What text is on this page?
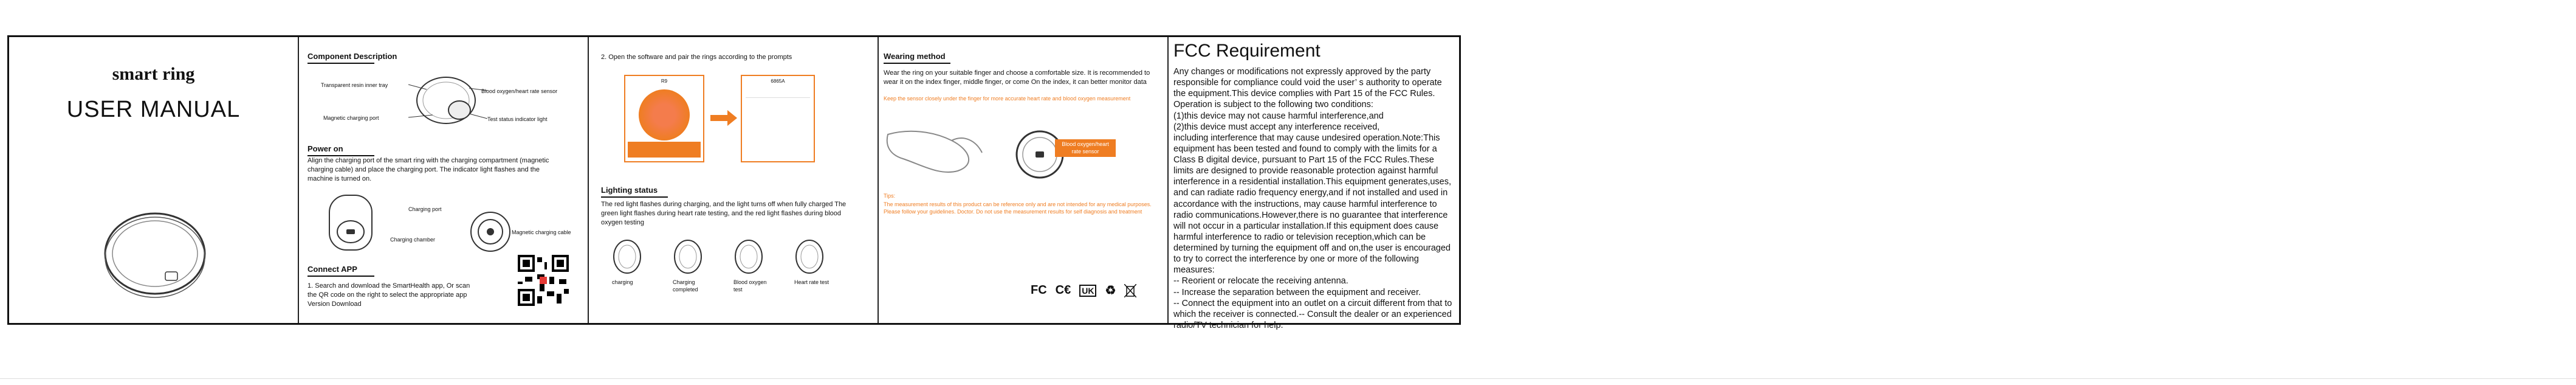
smart ring
USER MANUAL
Component Description
Transparent resin inner tray
Blood oxygen/heart rate sensor
Magnetic charging port	Test status indicator light
Power on
Align the charging port of the smart ring with the charging compartment (magnetic charging cable) and place the charging port. The indicator light flashes and the machine is turned on.
Charging port
Charging chamber
Magnetic charging cable
Connect APP
1. Search and download the SmartHealth app, Or scan the QR code on the right to select the appropriate app Version Download
2. Open the software and pair the rings according to the prompts
R9	6865A
Lighting status
The red light flashes during charging, and the light turns off when fully charged The green light flashes during heart rate testing, and the red light flashes during blood oxygen testing
charging	Charging completed
Blood oxygen test
Heart rate test
Wearing method
Wear the ring on your suitable finger and choose a comfortable size. It is recommended to wear it on the index finger, middle finger, or come On the index, it can better monitor data
Keep the sensor closely under the finger for more accurate heart rate and blood oxygen measurement
Blood oxygen/heart rate sensor
Tips:
The measurement results of this product can be reference only and are not intended for any medical purposes. Please follow your guidelines. Doctor. Do not use the measurement results for self diagnosis and treatment
FC C€ UK ♻
FCC Requirement
Any changes or modifications not expressly approved by the party responsible for compliance could void the user’ s authority to operate the equipment.This device complies with Part 15 of the FCC Rules. Operation is subject to the following two conditions:
(1)this device may not cause harmful interference,and
(2)this device must accept any interference received,
including interference that may cause undesired operation.Note:This equipment has been tested and found to comply with the limits for a Class B digital device, pursuant to Part 15 of the FCC Rules.These limits are designed to provide reasonable protection against harmful interference in a residential installation.This equipment generates,uses, and can radiate radio frequency energy,and if not installed and used in accordance with the instructions, may cause harmful interference to radio communications.However,there is no guarantee that interference will not occur in a particular installation.If this equipment does cause harmful interference to radio or television reception,which can be determined by turning the equipment off and on,the user is encouraged to try to correct the interference by one or more of the following measures:
-- Reorient or relocate the receiving antenna.
-- Increase the separation between the equipment and receiver.
-- Connect the equipment into an outlet on a circuit different from that to which the receiver is connected.-- Consult the dealer or an experienced radio/TV technician for help.
